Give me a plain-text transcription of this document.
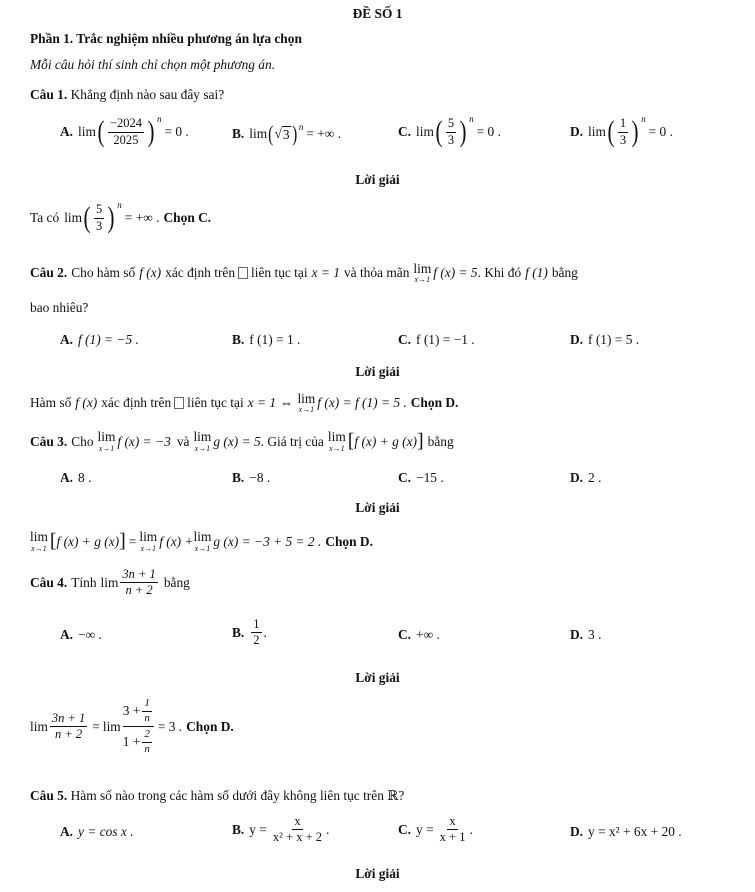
ĐỀ SỐ 1
Phần 1. Trắc nghiệm nhiều phương án lựa chọn
Mỗi câu hỏi thí sinh chỉ chọn một phương án.
Câu 1. Khẳng định nào sau đây sai?
A. lim ( $\frac{-2024}{2025}$ ) n
= 0 .	B. lim ( √ 3 ) n = +∞ .	C. lim ( $\frac{5}{3}$ ) n
= 0 .	D. lim ( $\frac{1}{3}$ ) n
= 0 .
Lời giải
Ta có lim ( $\frac{5}{3}$ ) n
= +∞ . Chọn C.
Câu 2. Cho hàm số f (x) xác định trên liên tục tại x = 1 và thỏa mãn lim
x→1 f (x) = 5 . Khi đó f (1) bằng
bao nhiêu?
A. f (1) = −5 .	B. f (1) = 1 .	C. f (1) = −1 .	D. f (1) = 5 .
Lời giải
Hàm số f (x) xác định trên liên tục tại x = 1 ⇔ lim
x→1 f (x) = f (1) = 5 . Chọn D.
Câu 3. Cho lim
x→1 f (x) = −3 và lim
x→1 g (x) = 5 . Giá trị của lim
x→1 [ f (x) + g (x) ] bằng
A. 8 .	B. −8 .	C. −15 .	D. 2 .
Lời giải
lim
x→1 [ f (x) + g (x) ] = lim
x→1 f (x) + lim
x→1 g (x) = −3 + 5 = 2 . Chọn D.
Câu 4. Tính $\lim \frac{3n + 1}{n + 2}$ bằng
A. −∞ .	B. $\frac{1}{2}$ .	C. +∞ .	D. 3 .
Lời giải
$\lim \frac{3n + 1}{n + 2} = \lim \frac{3 + \frac{1}{n}}{1 + \frac{2}{n}} = 3$ . Chọn D.
Câu 5. Hàm số nào trong các hàm số dưới đây không liên tục trên ℝ?
A. y = cos x .	B. $y = \frac{x}{\text{x² + x + 2}}$ .	C. $y = \frac{x}{x + 1}$ .	D. y = x² + 6x + 20 .
Lời giải
